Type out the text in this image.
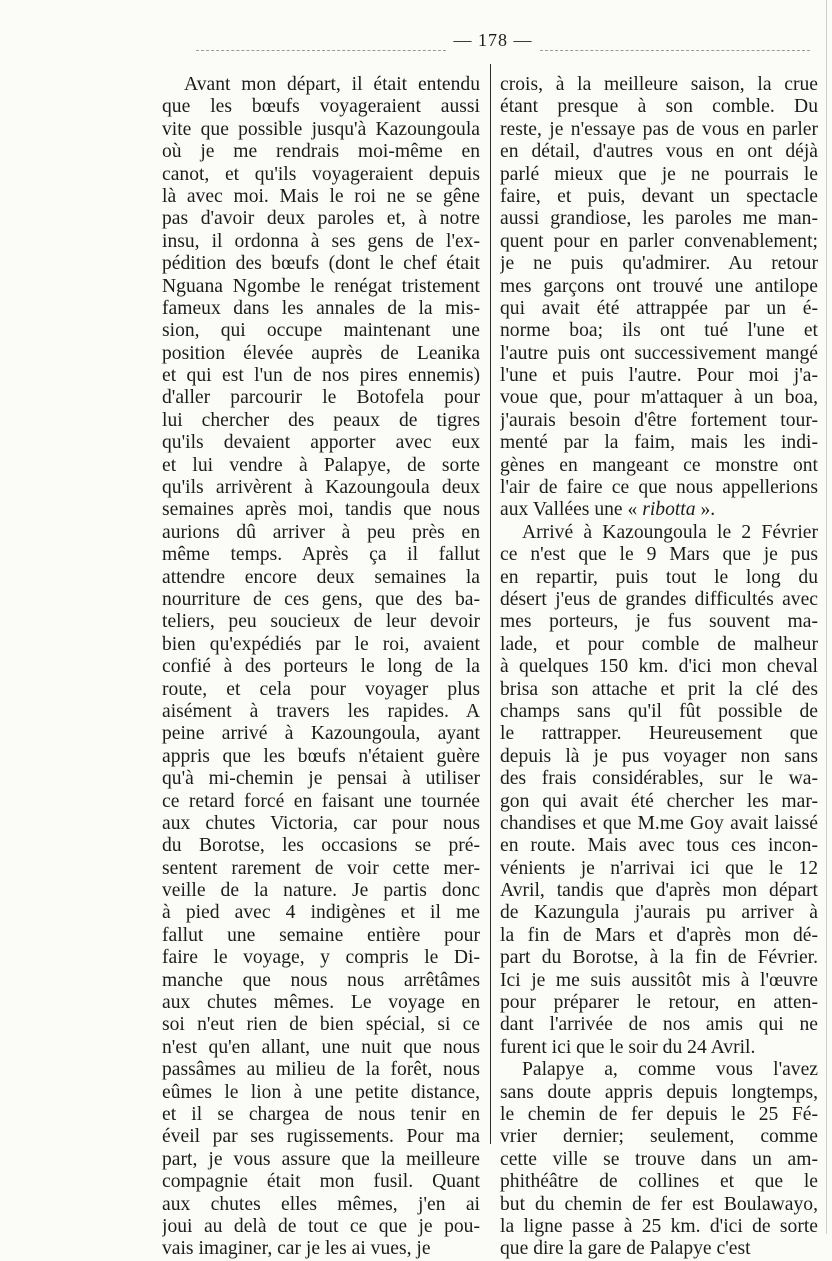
— 178 —
Avant mon départ, il était entendu
que les bœufs voyageraient aussi
vite que possible jusqu'à Kazoungoula
où je me rendrais moi-même en
canot, et qu'ils voyageraient depuis
là avec moi. Mais le roi ne se gêne
pas d'avoir deux paroles et, à notre
insu, il ordonna à ses gens de l'ex-
pédition des bœufs (dont le chef était
Nguana Ngombe le renégat tristement
fameux dans les annales de la mis-
sion, qui occupe maintenant une
position élevée auprès de Leanika
et qui est l'un de nos pires ennemis)
d'aller parcourir le Botofela pour
lui chercher des peaux de tigres
qu'ils devaient apporter avec eux
et lui vendre à Palapye, de sorte
qu'ils arrivèrent à Kazoungoula deux
semaines après moi, tandis que nous
aurions dû arriver à peu près en
même temps. Après ça il fallut
attendre encore deux semaines la
nourriture de ces gens, que des ba-
teliers, peu soucieux de leur devoir
bien qu'expédiés par le roi, avaient
confié à des porteurs le long de la
route, et cela pour voyager plus
aisément à travers les rapides. A
peine arrivé à Kazoungoula, ayant
appris que les bœufs n'étaient guère
qu'à mi-chemin je pensai à utiliser
ce retard forcé en faisant une tournée
aux chutes Victoria, car pour nous
du Borotse, les occasions se pré-
sentent rarement de voir cette mer-
veille de la nature. Je partis donc
à pied avec 4 indigènes et il me
fallut une semaine entière pour
faire le voyage, y compris le Di-
manche que nous nous arrêtâmes
aux chutes mêmes. Le voyage en
soi n'eut rien de bien spécial, si ce
n'est qu'en allant, une nuit que nous
passâmes au milieu de la forêt, nous
eûmes le lion à une petite distance,
et il se chargea de nous tenir en
éveil par ses rugissements. Pour ma
part, je vous assure que la meilleure
compagnie était mon fusil. Quant
aux chutes elles mêmes, j'en ai
joui au delà de tout ce que je pou-
vais imaginer, car je les ai vues, je
crois, à la meilleure saison, la crue
étant presque à son comble. Du
reste, je n'essaye pas de vous en parler
en détail, d'autres vous en ont déjà
parlé mieux que je ne pourrais le
faire, et puis, devant un spectacle
aussi grandiose, les paroles me man-
quent pour en parler convenablement;
je ne puis qu'admirer. Au retour
mes garçons ont trouvé une antilope
qui avait été attrappée par un é-
norme boa; ils ont tué l'une et
l'autre puis ont successivement mangé
l'une et puis l'autre. Pour moi j'a-
voue que, pour m'attaquer à un boa,
j'aurais besoin d'être fortement tour-
menté par la faim, mais les indi-
gènes en mangeant ce monstre ont
l'air de faire ce que nous appellerions
aux Vallées une « ribotta ».
Arrivé à Kazoungoula le 2 Février
ce n'est que le 9 Mars que je pus
en repartir, puis tout le long du
désert j'eus de grandes difficultés avec
mes porteurs, je fus souvent ma-
lade, et pour comble de malheur
à quelques 150 km. d'ici mon cheval
brisa son attache et prit la clé des
champs sans qu'il fût possible de
le rattrapper. Heureusement que
depuis là je pus voyager non sans
des frais considérables, sur le wa-
gon qui avait été chercher les mar-
chandises et que M.me Goy avait laissé
en route. Mais avec tous ces incon-
vénients je n'arrivai ici que le 12
Avril, tandis que d'après mon départ
de Kazungula j'aurais pu arriver à
la fin de Mars et d'après mon dé-
part du Borotse, à la fin de Février.
Ici je me suis aussitôt mis à l'œuvre
pour préparer le retour, en atten-
dant l'arrivée de nos amis qui ne
furent ici que le soir du 24 Avril.
Palapye a, comme vous l'avez
sans doute appris depuis longtemps,
le chemin de fer depuis le 25 Fé-
vrier dernier; seulement, comme
cette ville se trouve dans un am-
phithéâtre de collines et que le
but du chemin de fer est Boulawayo,
la ligne passe à 25 km. d'ici de sorte
que dire la gare de Palapye c'est
